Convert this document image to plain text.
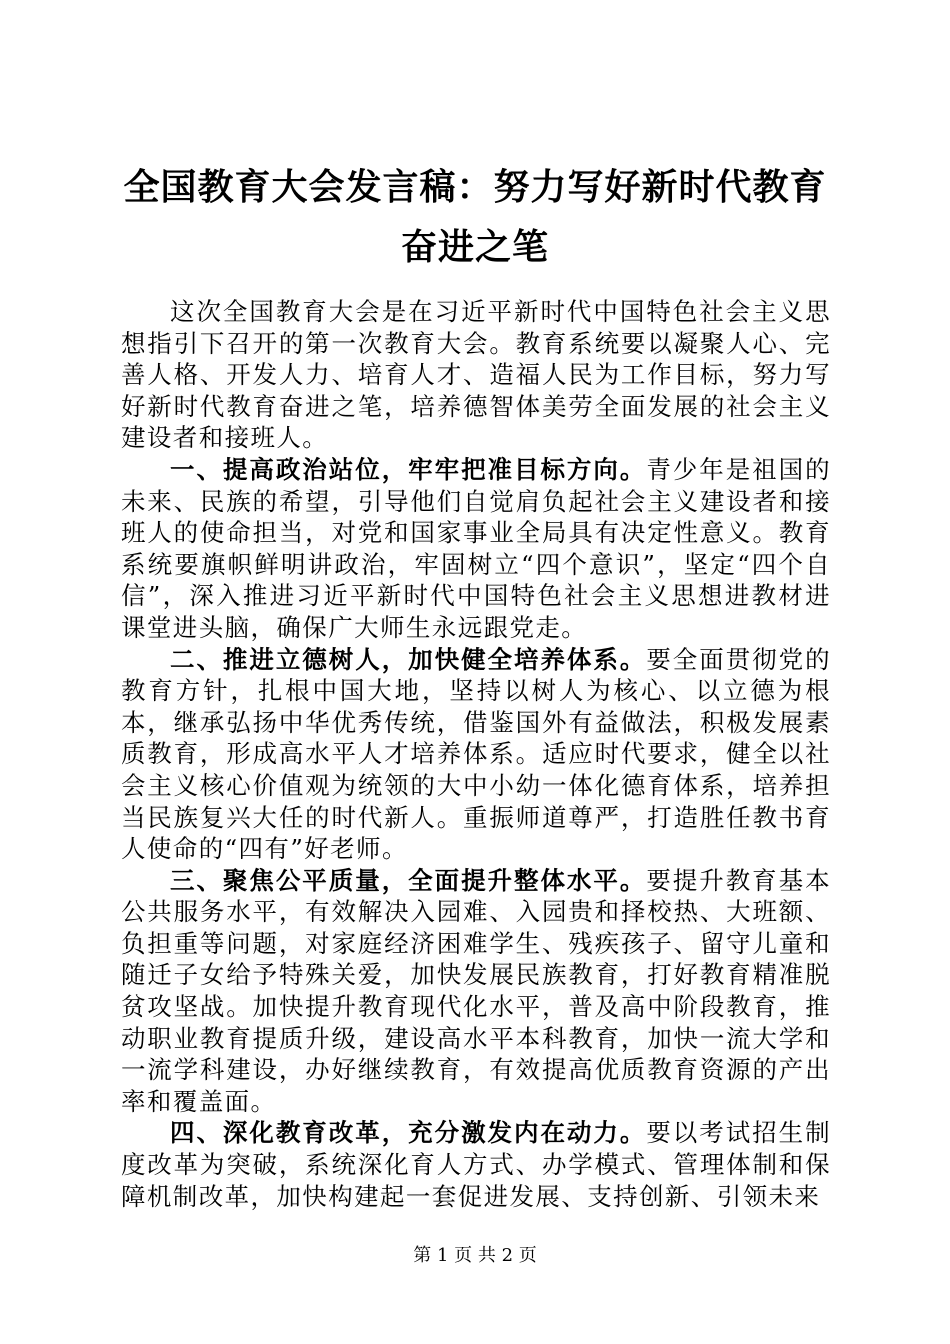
全国教育大会发言稿：努力写好新时代教育奋进之笔

这次全国教育大会是在习近平新时代中国特色社会主义思想指引下召开的第一次教育大会。教育系统要以凝聚人心、完善人格、开发人力、培育人才、造福人民为工作目标，努力写好新时代教育奋进之笔，培养德智体美劳全面发展的社会主义建设者和接班人。

一、提高政治站位，牢牢把准目标方向。青少年是祖国的未来、民族的希望，引导他们自觉肩负起社会主义建设者和接班人的使命担当，对党和国家事业全局具有决定性意义。教育系统要旗帜鲜明讲政治，牢固树立“四个意识”，坚定“四个自信”，深入推进习近平新时代中国特色社会主义思想进教材进课堂进头脑，确保广大师生永远跟党走。

二、推进立德树人，加快健全培养体系。要全面贯彻党的教育方针，扎根中国大地，坚持以树人为核心、以立德为根本，继承弘扬中华优秀传统，借鉴国外有益做法，积极发展素质教育，形成高水平人才培养体系。适应时代要求，健全以社会主义核心价值观为统领的大中小幼一体化德育体系，培养担当民族复兴大任的时代新人。重振师道尊严，打造胜任教书育人使命的“四有”好老师。

三、聚焦公平质量，全面提升整体水平。要提升教育基本公共服务水平，有效解决入园难、入园贵和择校热、大班额、负担重等问题，对家庭经济困难学生、残疾孩子、留守儿童和随迁子女给予特殊关爱，加快发展民族教育，打好教育精准脱贫攻坚战。加快提升教育现代化水平，普及高中阶段教育，推动职业教育提质升级，建设高水平本科教育，加快一流大学和一流学科建设，办好继续教育，有效提高优质教育资源的产出率和覆盖面。

四、深化教育改革，充分激发内在动力。要以考试招生制度改革为突破，系统深化育人方式、办学模式、管理体制和保障机制改革，加快构建起一套促进发展、支持创新、引领未来

第 1 页 共 2 页
